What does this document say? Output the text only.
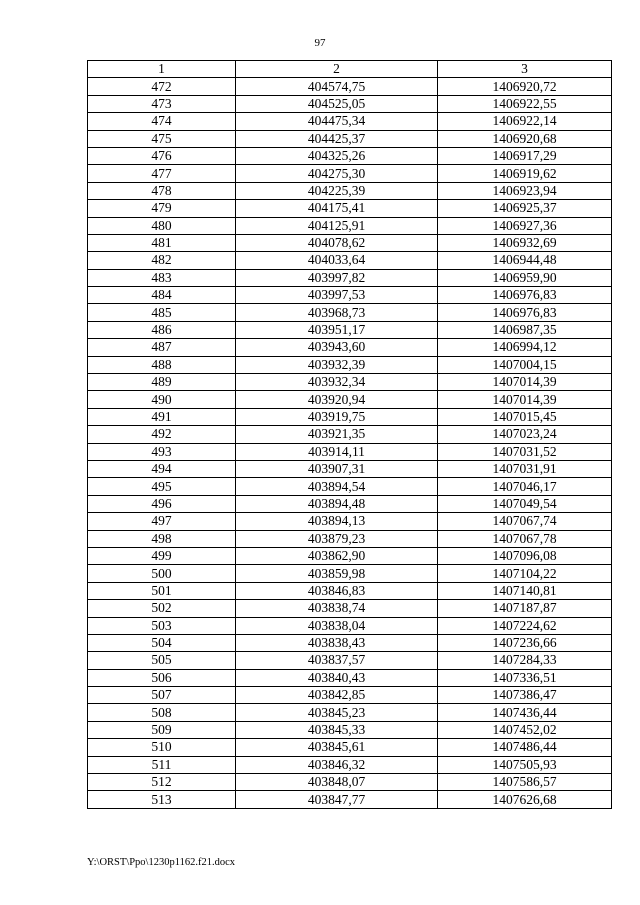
97
1	2	3
472	404574,75	1406920,72
473	404525,05	1406922,55
474	404475,34	1406922,14
475	404425,37	1406920,68
476	404325,26	1406917,29
477	404275,30	1406919,62
478	404225,39	1406923,94
479	404175,41	1406925,37
480	404125,91	1406927,36
481	404078,62	1406932,69
482	404033,64	1406944,48
483	403997,82	1406959,90
484	403997,53	1406976,83
485	403968,73	1406976,83
486	403951,17	1406987,35
487	403943,60	1406994,12
488	403932,39	1407004,15
489	403932,34	1407014,39
490	403920,94	1407014,39
491	403919,75	1407015,45
492	403921,35	1407023,24
493	403914,11	1407031,52
494	403907,31	1407031,91
495	403894,54	1407046,17
496	403894,48	1407049,54
497	403894,13	1407067,74
498	403879,23	1407067,78
499	403862,90	1407096,08
500	403859,98	1407104,22
501	403846,83	1407140,81
502	403838,74	1407187,87
503	403838,04	1407224,62
504	403838,43	1407236,66
505	403837,57	1407284,33
506	403840,43	1407336,51
507	403842,85	1407386,47
508	403845,23	1407436,44
509	403845,33	1407452,02
510	403845,61	1407486,44
511	403846,32	1407505,93
512	403848,07	1407586,57
513	403847,77	1407626,68
Y:\ORST\Ppo\1230p1162.f21.docx
